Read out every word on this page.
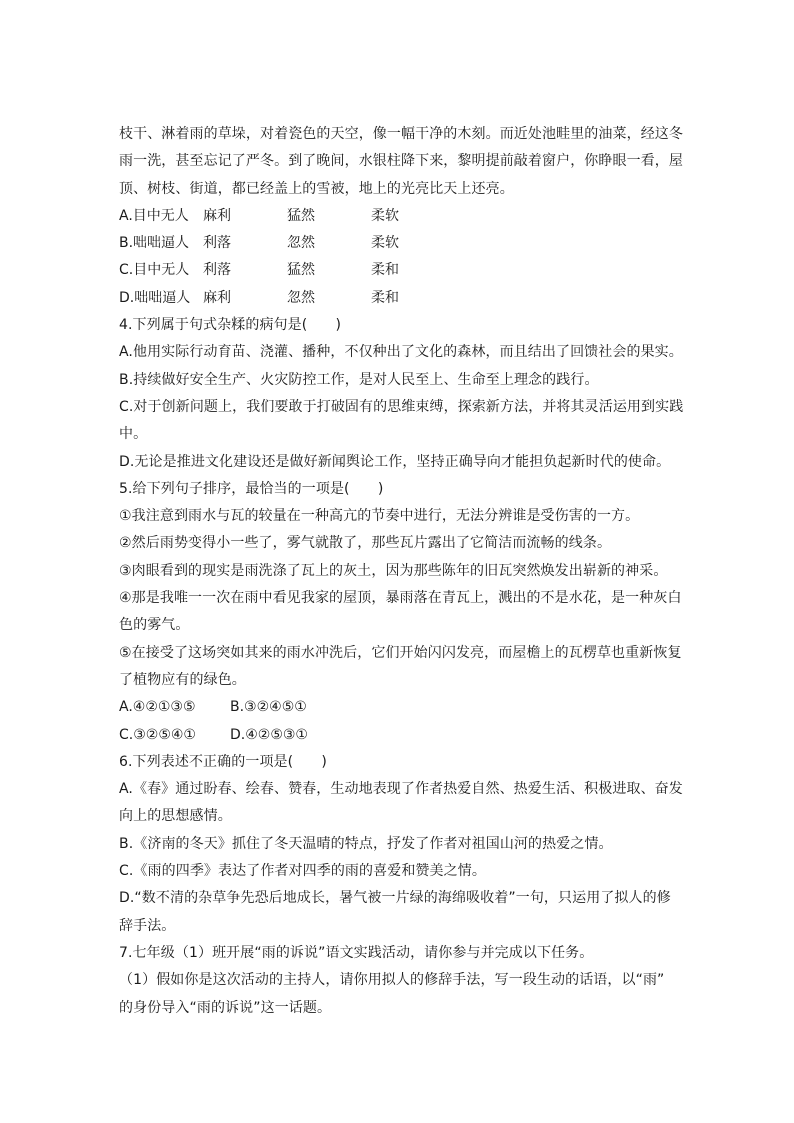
枝干、淋着雨的草垛，对着瓷色的天空，像一幅干净的木刻。而近处池畦里的油菜，经这冬
雨一洗，甚至忘记了严冬。到了晚间，水银柱降下来，黎明提前敲着窗户，你睁眼一看，屋
顶、树枝、街道，都已经盖上的雪被，地上的光亮比天上还亮。
A.目中无人	麻利	猛然	柔软
B.咄咄逼人 利落	忽然	柔软
C.目中无人 利落	猛然	柔和
D.咄咄逼人 麻利	忽然	柔和
4.下列属于句式杂糅的病句是(　　)
A.他用实际行动育苗、浇灌、播种，不仅种出了文化的森林，而且结出了回馈社会的果实。
B.持续做好安全生产、火灾防控工作，是对人民至上、生命至上理念的践行。
C.对于创新问题上，我们要敢于打破固有的思维束缚，探索新方法，并将其灵活运用到实践
中。
D.无论是推进文化建设还是做好新闻舆论工作，坚持正确导向才能担负起新时代的使命。
5.给下列句子排序，最恰当的一项是(　　)
①我注意到雨水与瓦的较量在一种高亢的节奏中进行，无法分辨谁是受伤害的一方。
②然后雨势变得小一些了，雾气就散了，那些瓦片露出了它简洁而流畅的线条。
③肉眼看到的现实是雨洗涤了瓦上的灰土，因为那些陈年的旧瓦突然焕发出崭新的神采。
④那是我唯一一次在雨中看见我家的屋顶，暴雨落在青瓦上，溅出的不是水花，是一种灰白
色的雾气。
⑤在接受了这场突如其来的雨水冲洗后，它们开始闪闪发亮，而屋檐上的瓦楞草也重新恢复
了植物应有的绿色。
A.④②①③⑤	B.③②④⑤①
C.③②⑤④①	D.④②⑤③①
6.下列表述不正确的一项是(　　)
A.《春》通过盼春、绘春、赞春，生动地表现了作者热爱自然、热爱生活、积极进取、奋发
向上的思想感情。
B.《济南的冬天》抓住了冬天温晴的特点，抒发了作者对祖国山河的热爱之情。
C.《雨的四季》表达了作者对四季的雨的喜爱和赞美之情。
D.“数不清的杂草争先恐后地成长，暑气被一片绿的海绵吸收着”一句，只运用了拟人的修
辞手法。
7.七年级（1）班开展“雨的诉说”语文实践活动，请你参与并完成以下任务。
（1）假如你是这次活动的主持人，请你用拟人的修辞手法，写一段生动的话语，以“雨”
的身份导入“雨的诉说”这一话题。
